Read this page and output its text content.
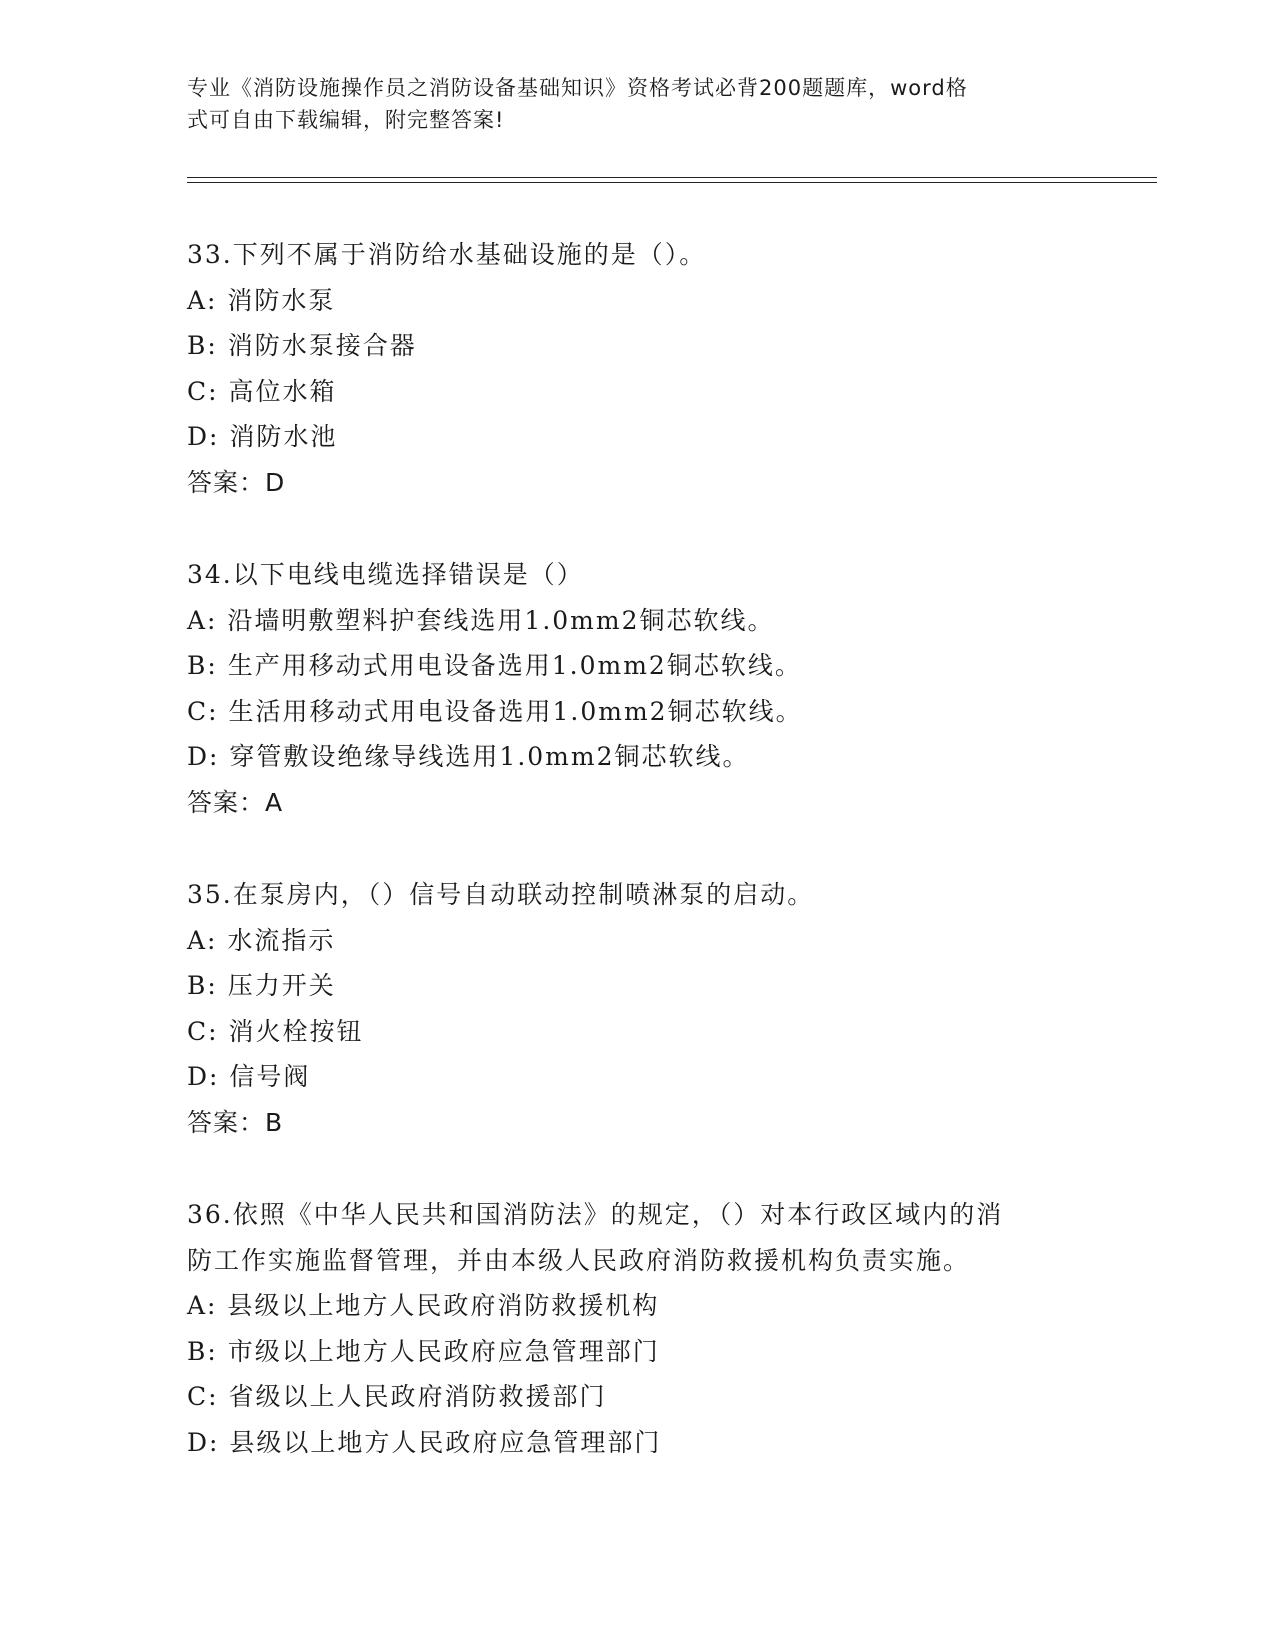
专业《消防设施操作员之消防设备基础知识》资格考试必背200题题库，word格
式可自由下载编辑，附完整答案!
33.下列不属于消防给水基础设施的是（）。
A: 消防水泵
B: 消防水泵接合器
C: 高位水箱
D: 消防水池
答案：D
34.以下电线电缆选择错误是（）
A: 沿墙明敷塑料护套线选用1.0mm2铜芯软线。
B: 生产用移动式用电设备选用1.0mm2铜芯软线。
C: 生活用移动式用电设备选用1.0mm2铜芯软线。
D: 穿管敷设绝缘导线选用1.0mm2铜芯软线。
答案：A
35.在泵房内，（）信号自动联动控制喷淋泵的启动。
A: 水流指示
B: 压力开关
C: 消火栓按钮
D: 信号阀
答案：B
36.依照《中华人民共和国消防法》的规定，（）对本行政区域内的消
防工作实施监督管理，并由本级人民政府消防救援机构负责实施。
A: 县级以上地方人民政府消防救援机构
B: 市级以上地方人民政府应急管理部门
C: 省级以上人民政府消防救援部门
D: 县级以上地方人民政府应急管理部门
